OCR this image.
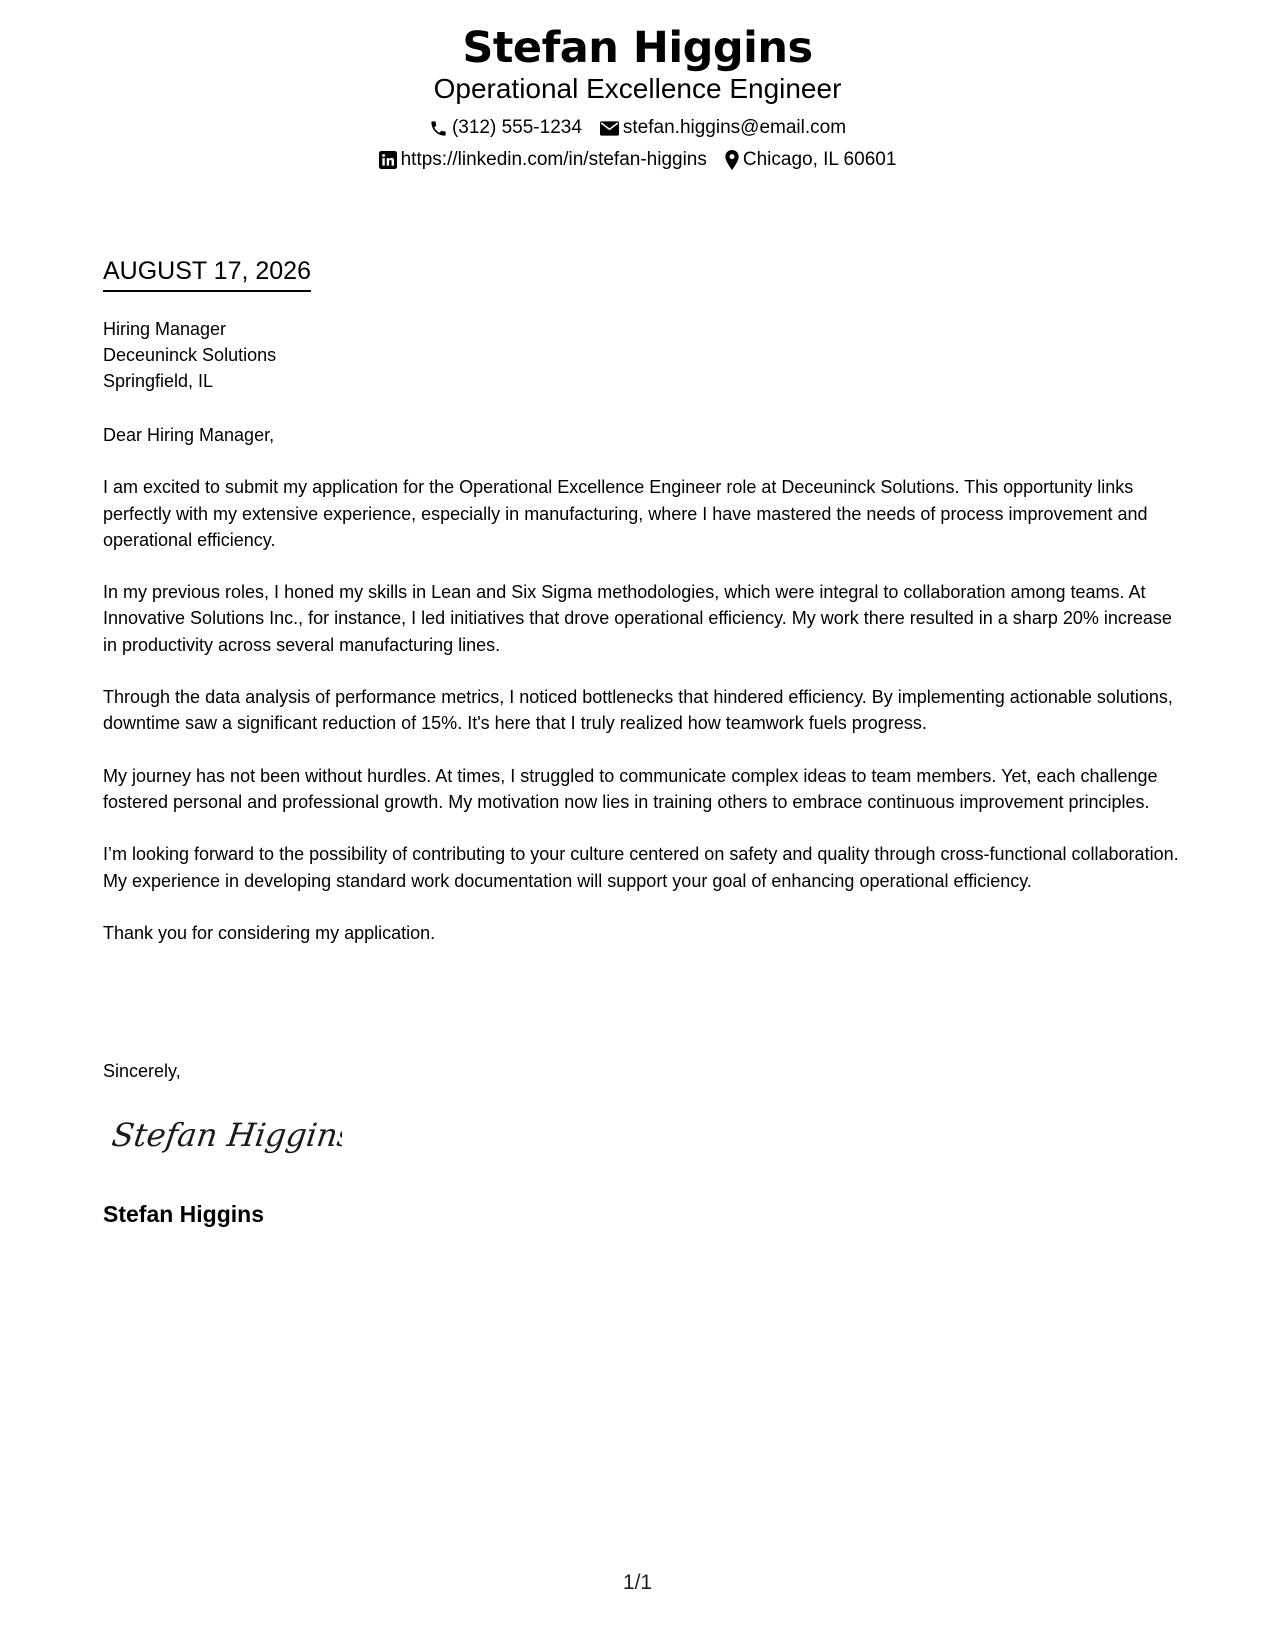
Stefan Higgins
Operational Excellence Engineer
(312) 555-1234 stefan.higgins@email.com
https://linkedin.com/in/stefan-higgins Chicago, IL 60601
AUGUST 17, 2026
Hiring Manager
Deceuninck Solutions
Springfield, IL

Dear Hiring Manager,

I am excited to submit my application for the Operational Excellence Engineer role at Deceuninck Solutions. This opportunity links perfectly with my extensive experience, especially in manufacturing, where I have mastered the needs of process improvement and operational efficiency.

In my previous roles, I honed my skills in Lean and Six Sigma methodologies, which were integral to collaboration among teams. At Innovative Solutions Inc., for instance, I led initiatives that drove operational efficiency. My work there resulted in a sharp 20% increase in productivity across several manufacturing lines.

Through the data analysis of performance metrics, I noticed bottlenecks that hindered efficiency. By implementing actionable solutions, downtime saw a significant reduction of 15%. It's here that I truly realized how teamwork fuels progress.

My journey has not been without hurdles. At times, I struggled to communicate complex ideas to team members. Yet, each challenge fostered personal and professional growth. My motivation now lies in training others to embrace continuous improvement principles.

I’m looking forward to the possibility of contributing to your culture centered on safety and quality through cross-functional collaboration. My experience in developing standard work documentation will support your goal of enhancing operational efficiency.

Thank you for considering my application.

Sincerely,
Stefan Higgins
Stefan Higgins
1/1
